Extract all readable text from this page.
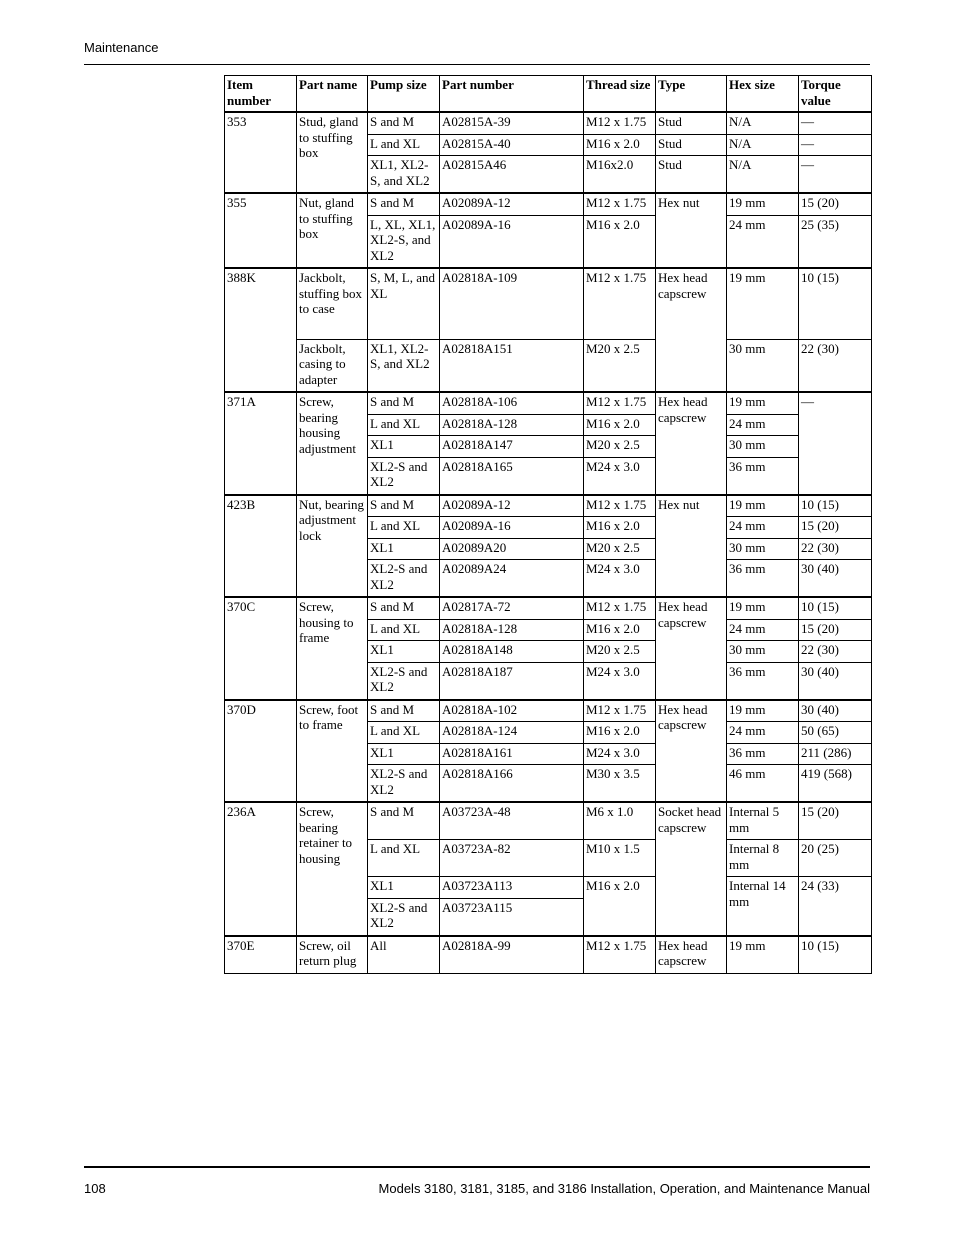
Maintenance
Item number	Part name	Pump size	Part number	Thread size	Type	Hex size	Torque value
353	Stud, gland to stuffing box	S and M	A02815A-39	M12 x 1.75	Stud	N/A	—
		L and XL	A02815A-40	M16 x 2.0	Stud	N/A	—
		XL1, XL2-S, and XL2	A02815A46	M16x2.0	Stud	N/A	—
355	Nut, gland to stuffing box	S and M	A02089A-12	M12 x 1.75	Hex nut	19 mm	15 (20)
		L, XL, XL1, XL2-S, and XL2	A02089A-16	M16 x 2.0		24 mm	25 (35)
388K	Jackbolt, stuffing box to case	S, M, L, and XL	A02818A-109	M12 x 1.75	Hex head capscrew	19 mm	10 (15)
	Jackbolt, casing to adapter	XL1, XL2-S, and XL2	A02818A151	M20 x 2.5		30 mm	22 (30)
371A	Screw, bearing housing adjustment	S and M	A02818A-106	M12 x 1.75	Hex head capscrew	19 mm	—
		L and XL	A02818A-128	M16 x 2.0		24 mm	
		XL1	A02818A147	M20 x 2.5		30 mm	
		XL2-S and XL2	A02818A165	M24 x 3.0		36 mm	
423B	Nut, bearing adjustment lock	S and M	A02089A-12	M12 x 1.75	Hex nut	19 mm	10 (15)
		L and XL	A02089A-16	M16 x 2.0		24 mm	15 (20)
		XL1	A02089A20	M20 x 2.5		30 mm	22 (30)
		XL2-S and XL2	A02089A24	M24 x 3.0		36 mm	30 (40)
370C	Screw, housing to frame	S and M	A02817A-72	M12 x 1.75	Hex head capscrew	19 mm	10 (15)
		L and XL	A02818A-128	M16 x 2.0		24 mm	15 (20)
		XL1	A02818A148	M20 x 2.5		30 mm	22 (30)
		XL2-S and XL2	A02818A187	M24 x 3.0		36 mm	30 (40)
370D	Screw, foot to frame	S and M	A02818A-102	M12 x 1.75	Hex head capscrew	19 mm	30 (40)
		L and XL	A02818A-124	M16 x 2.0		24 mm	50 (65)
		XL1	A02818A161	M24 x 3.0		36 mm	211 (286)
		XL2-S and XL2	A02818A166	M30 x 3.5		46 mm	419 (568)
236A	Screw, bearing retainer to housing	S and M	A03723A-48	M6 x 1.0	Socket head capscrew	Internal 5 mm	15 (20)
		L and XL	A03723A-82	M10 x 1.5		Internal 8 mm	20 (25)
		XL1	A03723A113	M16 x 2.0		Internal 14 mm	24 (33)
		XL2-S and XL2	A03723A115				
370E	Screw, oil return plug	All	A02818A-99	M12 x 1.75	Hex head capscrew	19 mm	10 (15)
108	Models 3180, 3181, 3185, and 3186 Installation, Operation, and Maintenance Manual
